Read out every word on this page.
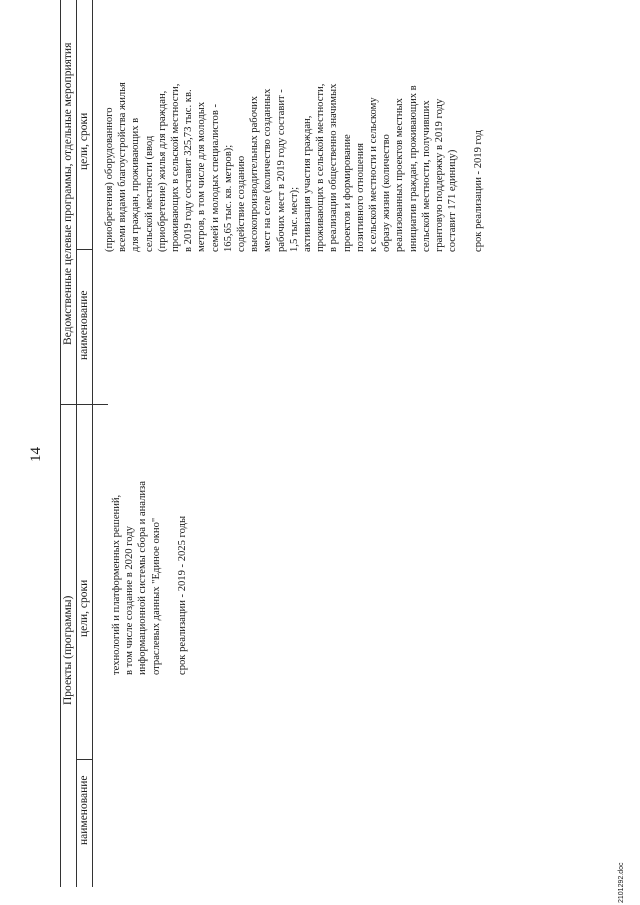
14
Проекты (программы)
Ведомственные целевые программы, отдельные мероприятия
наименование
цели, сроки
наименование
цели, сроки
технологий и платформенных решений, в том числе создание в 2020 году информационной системы сбора и анализа отраслевых данных "Единое окно" срок реализации - 2019 - 2025 годы
(приобретения) оборудованного всеми видами благоустройства жилья для граждан, проживающих в сельской местности (ввод (приобретение) жилья для граждан, проживающих в сельской местности, в 2019 году составит 325,73 тыс. кв. метров, в том числе для молодых семей и молодых специалистов - 165,65 тыс. кв. метров); содействие созданию высокопроизводительных рабочих мест на селе (количество созданных рабочих мест в 2019 году составит - 1,5 тыс. мест); активизация участия граждан, проживающих в сельской местности, в реализации общественно значимых проектов и формирование позитивного отношения к сельской местности и сельскому образу жизни (количество реализованных проектов местных инициатив граждан, проживающих в сельской местности, получивших грантовую поддержку в 2019 году составит 171 единицу) срок реализации - 2019 год
2101292.doc
